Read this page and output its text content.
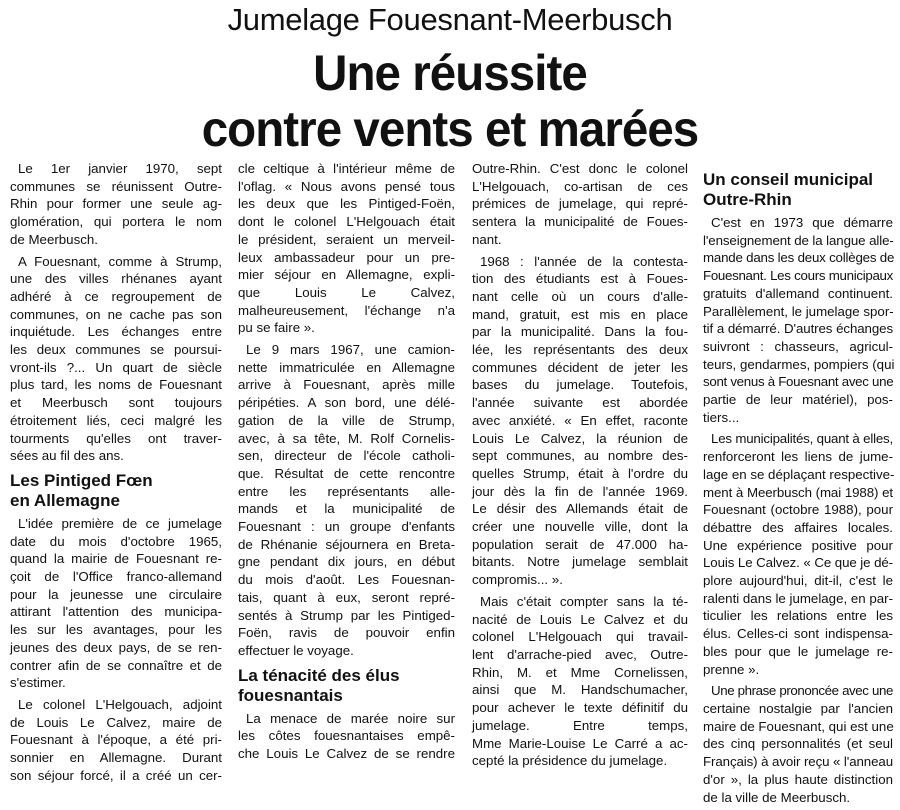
Jumelage Fouesnant-Meerbusch
Une réussite
contre vents et marées
Le 1er janvier 1970, sept
communes se réunissent Outre-
Rhin pour former une seule ag-
glomération, qui portera le nom
de Meerbusch.
A Fouesnant, comme à Strump,
une des villes rhénanes ayant
adhéré à ce regroupement de
communes, on ne cache pas son
inquiétude. Les échanges entre
les deux communes se poursui-
vront-ils ?... Un quart de siècle
plus tard, les noms de Fouesnant
et Meerbusch sont toujours
étroitement liés, ceci malgré les
tourments qu'elles ont traver-
sées au fil des ans.
Les Pintiged Fœn
en Allemagne
L'idée première de ce jumelage
date du mois d'octobre 1965,
quand la mairie de Fouesnant re-
çoit de l'Office franco-allemand
pour la jeunesse une circulaire
attirant l'attention des municipa-
les sur les avantages, pour les
jeunes des deux pays, de se ren-
contrer afin de se connaître et de
s'estimer.
Le colonel L'Helgouach, adjoint
de Louis Le Calvez, maire de
Fouesnant à l'époque, a été pri-
sonnier en Allemagne. Durant
son séjour forcé, il a créé un cer-
cle celtique à l'intérieur même de
l'oflag. « Nous avons pensé tous
les deux que les Pintiged-Foën,
dont le colonel L'Helgouach était
le président, seraient un merveil-
leux ambassadeur pour un pre-
mier séjour en Allemagne, expli-
que Louis Le Calvez,
malheureusement, l'échange n'a
pu se faire ».
Le 9 mars 1967, une camion-
nette immatriculée en Allemagne
arrive à Fouesnant, après mille
péripéties. A son bord, une délé-
gation de la ville de Strump,
avec, à sa tête, M. Rolf Cornelis-
sen, directeur de l'école catholi-
que. Résultat de cette rencontre
entre les représentants alle-
mands et la municipalité de
Fouesnant : un groupe d'enfants
de Rhénanie séjournera en Breta-
gne pendant dix jours, en début
du mois d'août. Les Fouesnan-
tais, quant à eux, seront repré-
sentés à Strump par les Pintiged-
Foën, ravis de pouvoir enfin
effectuer le voyage.
La ténacité des élus
fouesnantais
La menace de marée noire sur
les côtes fouesnantaises empê-
che Louis Le Calvez de se rendre
Outre-Rhin. C'est donc le colonel
L'Helgouach, co-artisan de ces
prémices de jumelage, qui repré-
sentera la municipalité de Foues-
nant.
1968 : l'année de la contesta-
tion des étudiants est à Foues-
nant celle où un cours d'alle-
mand, gratuit, est mis en place
par la municipalité. Dans la fou-
lée, les représentants des deux
communes décident de jeter les
bases du jumelage. Toutefois,
l'année suivante est abordée
avec anxiété. « En effet, raconte
Louis Le Calvez, la réunion de
sept communes, au nombre des-
quelles Strump, était à l'ordre du
jour dès la fin de l'année 1969.
Le désir des Allemands était de
créer une nouvelle ville, dont la
population serait de 47.000 ha-
bitants. Notre jumelage semblait
compromis... ».
Mais c'était compter sans la té-
nacité de Louis Le Calvez et du
colonel L'Helgouach qui travail-
lent d'arrache-pied avec, Outre-
Rhin, M. et Mme Cornelissen,
ainsi que M. Handschumacher,
pour achever le texte définitif du
jumelage. Entre temps,
Mme Marie-Louise Le Carré a ac-
cepté la présidence du jumelage.
Un conseil municipal
Outre-Rhin
C'est en 1973 que démarre
l'enseignement de la langue alle-
mande dans les deux collèges de
Fouesnant. Les cours municipaux
gratuits d'allemand continuent.
Parallèlement, le jumelage spor-
tif a démarré. D'autres échanges
suivront : chasseurs, agricul-
teurs, gendarmes, pompiers (qui
sont venus à Fouesnant avec une
partie de leur matériel), pos-
tiers...
Les municipalités, quant à elles,
renforceront les liens de jume-
lage en se déplaçant respective-
ment à Meerbusch (mai 1988) et
Fouesnant (octobre 1988), pour
débattre des affaires locales.
Une expérience positive pour
Louis Le Calvez. « Ce que je dé-
plore aujourd'hui, dit-il, c'est le
ralenti dans le jumelage, en par-
ticulier les relations entre les
élus. Celles-ci sont indispensa-
bles pour que le jumelage re-
prenne ».
Une phrase prononcée avec une
certaine nostalgie par l'ancien
maire de Fouesnant, qui est une
des cinq personnalités (et seul
Français) à avoir reçu « l'anneau
d'or », la plus haute distinction
de la ville de Meerbusch.
